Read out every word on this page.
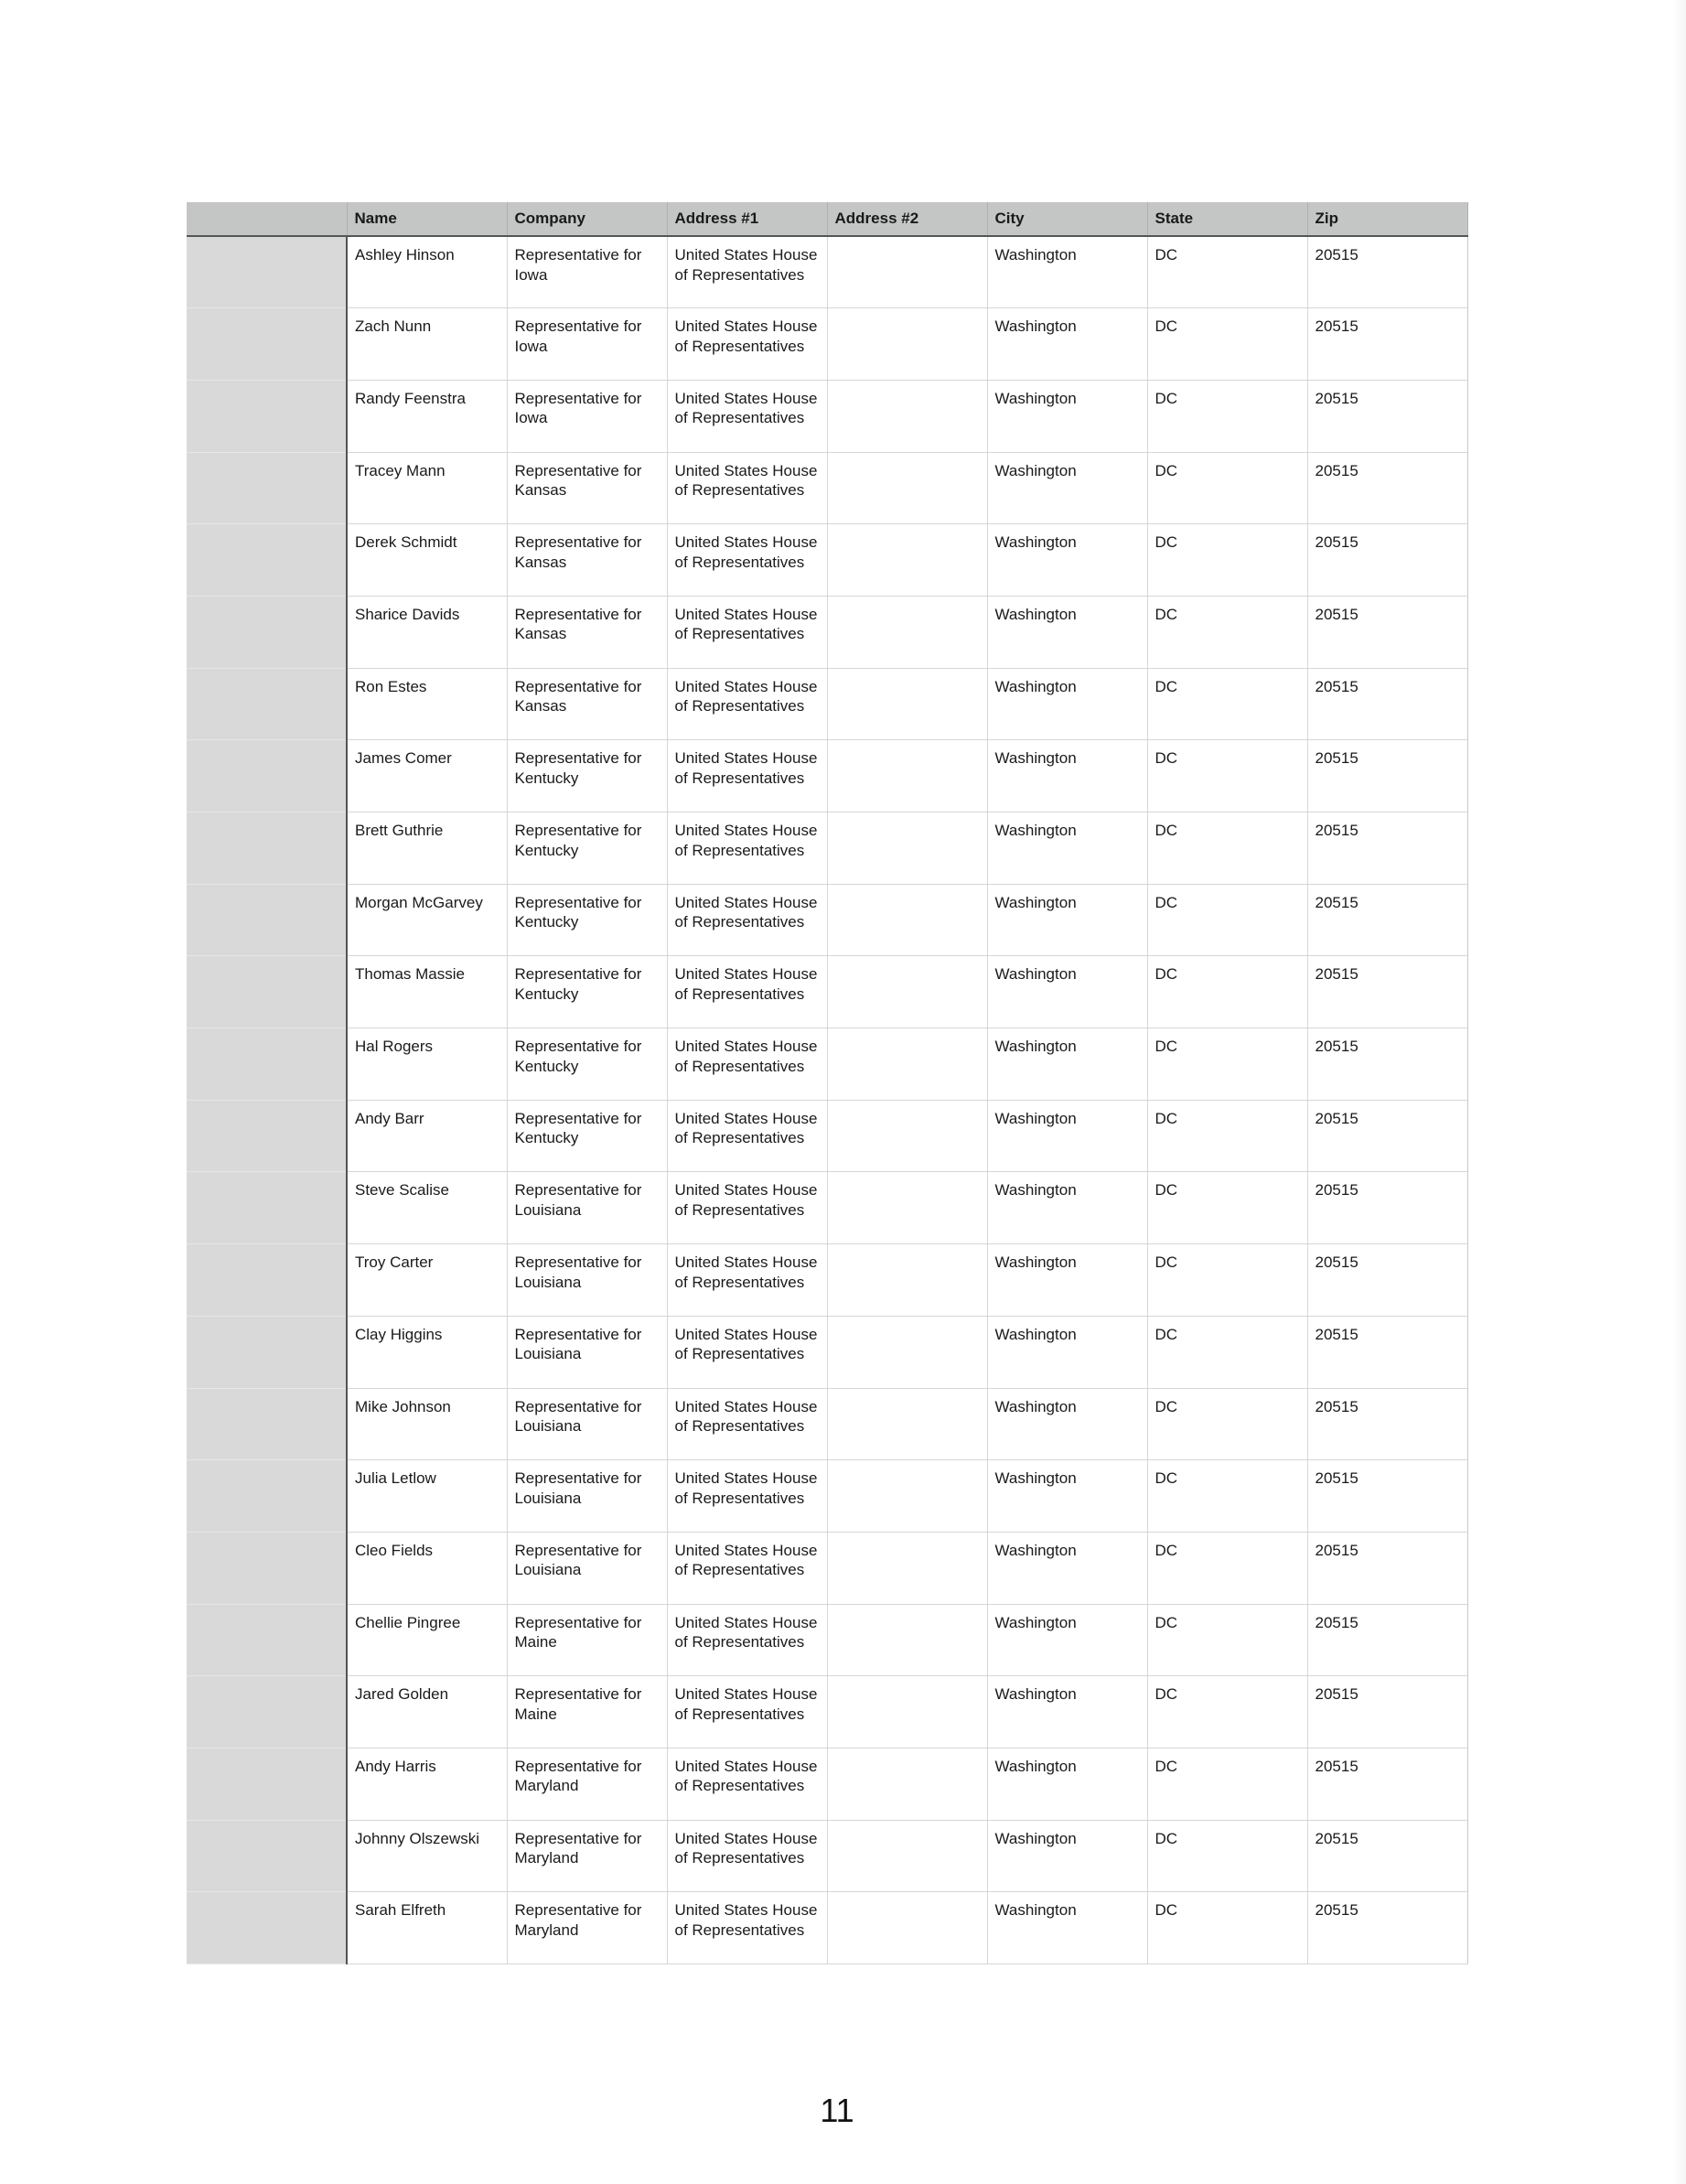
	Name	Company	Address #1	Address #2	City	State	Zip
	Ashley Hinson	Representative for Iowa	United States House of Representatives		Washington	DC	20515
	Zach Nunn	Representative for Iowa	United States House of Representatives		Washington	DC	20515
	Randy Feenstra	Representative for Iowa	United States House of Representatives		Washington	DC	20515
	Tracey Mann	Representative for Kansas	United States House of Representatives		Washington	DC	20515
	Derek Schmidt	Representative for Kansas	United States House of Representatives		Washington	DC	20515
	Sharice Davids	Representative for Kansas	United States House of Representatives		Washington	DC	20515
	Ron Estes	Representative for Kansas	United States House of Representatives		Washington	DC	20515
	James Comer	Representative for Kentucky	United States House of Representatives		Washington	DC	20515
	Brett Guthrie	Representative for Kentucky	United States House of Representatives		Washington	DC	20515
	Morgan McGarvey	Representative for Kentucky	United States House of Representatives		Washington	DC	20515
	Thomas Massie	Representative for Kentucky	United States House of Representatives		Washington	DC	20515
	Hal Rogers	Representative for Kentucky	United States House of Representatives		Washington	DC	20515
	Andy Barr	Representative for Kentucky	United States House of Representatives		Washington	DC	20515
	Steve Scalise	Representative for Louisiana	United States House of Representatives		Washington	DC	20515
	Troy Carter	Representative for Louisiana	United States House of Representatives		Washington	DC	20515
	Clay Higgins	Representative for Louisiana	United States House of Representatives		Washington	DC	20515
	Mike Johnson	Representative for Louisiana	United States House of Representatives		Washington	DC	20515
	Julia Letlow	Representative for Louisiana	United States House of Representatives		Washington	DC	20515
	Cleo Fields	Representative for Louisiana	United States House of Representatives		Washington	DC	20515
	Chellie Pingree	Representative for Maine	United States House of Representatives		Washington	DC	20515
	Jared Golden	Representative for Maine	United States House of Representatives		Washington	DC	20515
	Andy Harris	Representative for Maryland	United States House of Representatives		Washington	DC	20515
	Johnny Olszewski	Representative for Maryland	United States House of Representatives		Washington	DC	20515
	Sarah Elfreth	Representative for Maryland	United States House of Representatives		Washington	DC	20515
11
